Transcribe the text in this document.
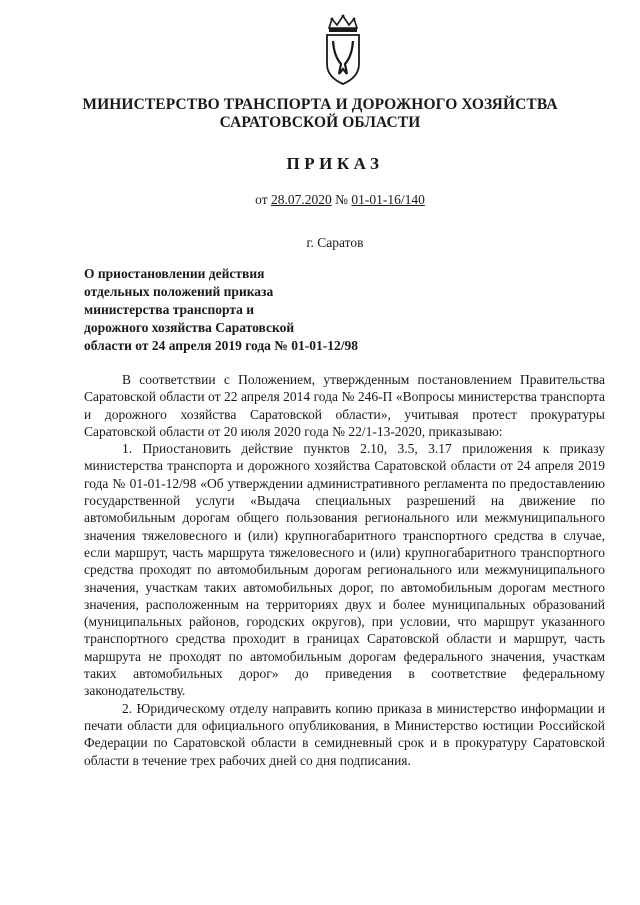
МИНИСТЕРСТВО ТРАНСПОРТА И ДОРОЖНОГО ХОЗЯЙСТВА
САРАТОВСКОЙ ОБЛАСТИ
ПРИКАЗ
от 28.07.2020 № 01-01-16/140
г. Саратов
О приостановлении действия
отдельных положений приказа
министерства транспорта и
дорожного хозяйства Саратовской
области от 24 апреля 2019 года № 01-01-12/98

В соответствии с Положением, утвержденным постановлением Правительства Саратовской области от 22 апреля 2014 года № 246-П «Вопросы министерства транспорта и дорожного хозяйства Саратовской области», учитывая протест прокуратуры Саратовской области от 20 июля 2020 года № 22/1-13-2020, приказываю:

1. Приостановить действие пунктов 2.10, 3.5, 3.17 приложения к приказу министерства транспорта и дорожного хозяйства Саратовской области от 24 апреля 2019 года № 01-01-12/98 «Об утверждении административного регламента по предоставлению государственной услуги «Выдача специальных разрешений на движение по автомобильным дорогам общего пользования регионального или межмуниципального значения тяжеловесного и (или) крупногабаритного транспортного средства в случае, если маршрут, часть маршрута тяжеловесного и (или) крупногабаритного транспортного средства проходят по автомобильным дорогам регионального или межмуниципального значения, участкам таких автомобильных дорог, по автомобильным дорогам местного значения, расположенным на территориях двух и более муниципальных образований (муниципальных районов, городских округов), при условии, что маршрут указанного транспортного средства проходит в границах Саратовской области и маршрут, часть маршрута не проходят по автомобильным дорогам федерального значения, участкам таких автомобильных дорог» до приведения в соответствие федеральному законодательству.

2. Юридическому отделу направить копию приказа в министерство информации и печати области для официального опубликования, в Министерство юстиции Российской Федерации по Саратовской области в семидневный срок и в прокуратуру Саратовской области в течение трех рабочих дней со дня подписания.
